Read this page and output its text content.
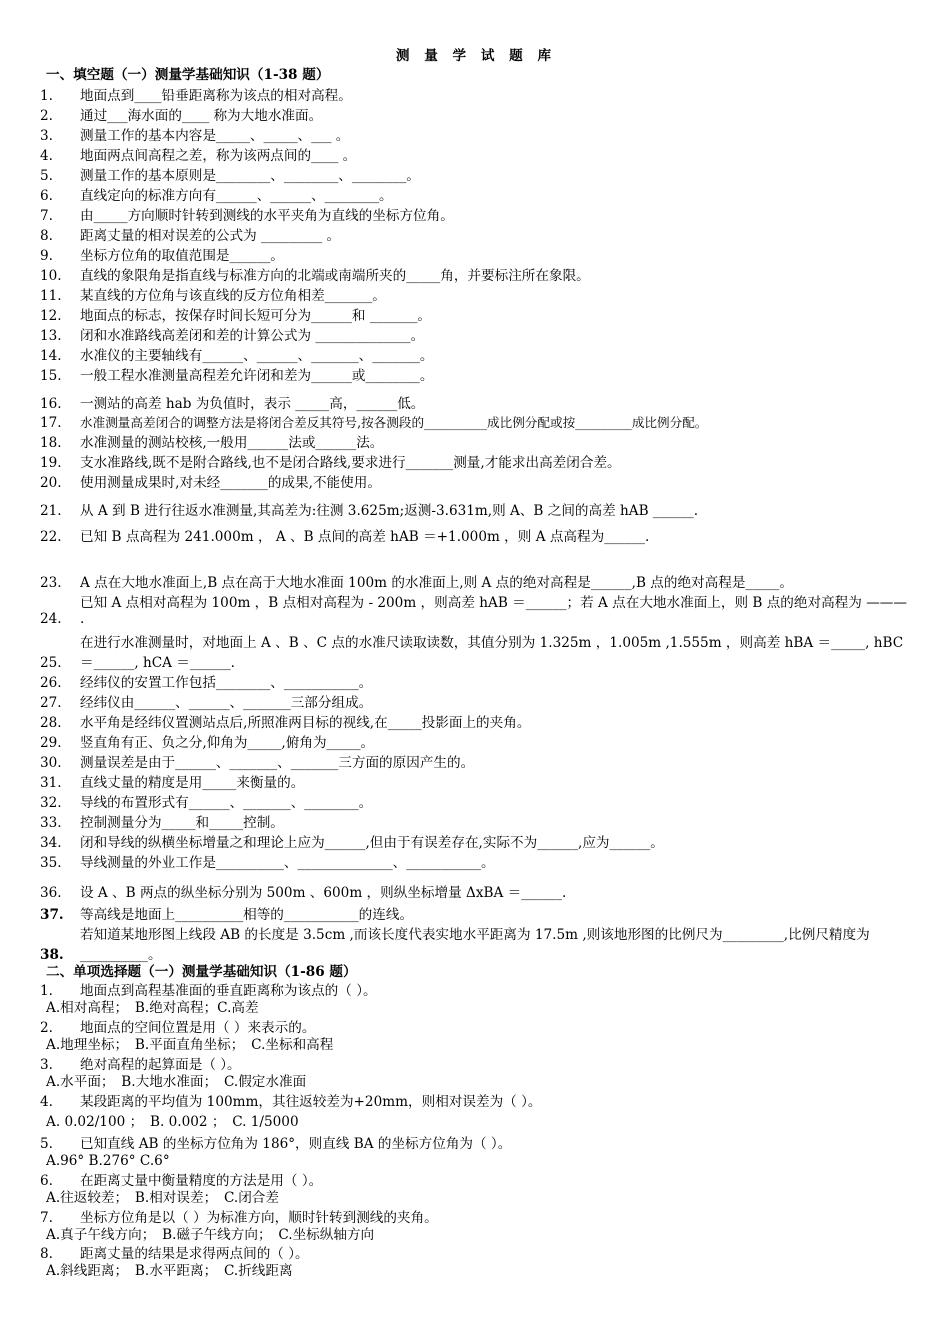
测 量 学 试 题 库
一、填空题（一）测量学基础知识（1-38 题）
1.	地面点到____铅垂距离称为该点的相对高程。
2.	通过___海水面的____ 称为大地水准面。
3.	测量工作的基本内容是_____、_____、___ 。
4.	地面两点间高程之差，称为该两点间的____ 。
5.	测量工作的基本原则是________、________、________。
6.	直线定向的标准方向有______、______、________。
7.	由_____方向顺时针转到测线的水平夹角为直线的坐标方位角。
8.	距离丈量的相对误差的公式为 _________ 。
9.	坐标方位角的取值范围是______。
10.	直线的象限角是指直线与标准方向的北端或南端所夹的_____角，并要标注所在象限。
11.	某直线的方位角与该直线的反方位角相差_______。
12.	地面点的标志，按保存时间长短可分为______和 _______。
13.	闭和水准路线高差闭和差的计算公式为 ______________。
14.	水准仪的主要轴线有______、______、_______、_______。
15.	一般工程水准测量高程差允许闭和差为______或________。
16.	一测站的高差 hab 为负值时，表示 _____高，______低。
17.	水准测量高差闭合的调整方法是将闭合差反其符号,按各测段的__________成比例分配或按_________成比例分配。
18.	水准测量的测站校核,一般用______法或______法。
19.	支水准路线,既不是附合路线,也不是闭合路线,要求进行_______测量,才能求出高差闭合差。
20.	使用测量成果时,对未经_______的成果,不能使用。
21.	从 A 到 B 进行往返水准测量,其高差为:往测 3.625m;返测-3.631m,则 A、B 之间的高差 hAB ______.
22.	已知 B 点高程为 241.000m ， A 、B 点间的高差 hAB ＝+1.000m ，则 A 点高程为______.
23.	A 点在大地水准面上,B 点在高于大地水准面 100m 的水准面上,则 A 点的绝对高程是______,B 点的绝对高程是_____。
24.
已知 A 点相对高程为 100m ，B 点相对高程为 - 200m ，则高差 hAB ＝______；若 A 点在大地水准面上，则 B 点的绝对高程为 ——— .
25.
在进行水准测量时，对地面上 A 、B 、C 点的水准尺读取读数，其值分别为 1.325m ，1.005m ,1.555m ，则高差 hBA ＝_____, hBC ＝______, hCA ＝______.
26.	经纬仪的安置工作包括________、___________。
27.	经纬仪由______、______、_______三部分组成。
28.	水平角是经纬仪置测站点后,所照准两目标的视线,在_____投影面上的夹角。
29.	竖直角有正、负之分,仰角为_____,俯角为_____。
30.	测量误差是由于______、_______、_______三方面的原因产生的。
31.	直线丈量的精度是用_____来衡量的。
32.	导线的布置形式有______、_______、________。
33.	控制测量分为_____和_____控制。
34.	闭和导线的纵横坐标增量之和理论上应为______,但由于有误差存在,实际不为______,应为______。
35.	导线测量的外业工作是__________、______________、___________。
36.	设 A 、B 两点的纵坐标分别为 500m 、600m ，则纵坐标增量 ΔxBA ＝______.
37.	等高线是地面上__________相等的___________的连线。
38.
若知道某地形图上线段 AB 的长度是 3.5cm ,而该长度代表实地水平距离为 17.5m ,则该地形图的比例尺为_________,比例尺精度为__________。
二、单项选择题（一）测量学基础知识（1-86 题）
1.	地面点到高程基准面的垂直距离称为该点的（ ）。
A.相对高程；　B.绝对高程；C.高差
2.	地面点的空间位置是用（ ）来表示的。
A.地理坐标；　B.平面直角坐标；　C.坐标和高程
3.	绝对高程的起算面是（ ）。
A.水平面；　B.大地水准面；　C.假定水准面
4.	某段距离的平均值为 100mm，其往返较差为+20mm，则相对误差为（ ）。
A. 0.02/100 ；　B. 0.002 ；　C. 1/5000
5.	已知直线 AB 的坐标方位角为 186°，则直线 BA 的坐标方位角为（ ）。
A.96° B.276° C.6°
6.	在距离丈量中衡量精度的方法是用（ ）。
A.往返较差；　B.相对误差；　C.闭合差
7.	坐标方位角是以（ ）为标准方向，顺时针转到测线的夹角。
A.真子午线方向；　B.磁子午线方向；　C.坐标纵轴方向
8.	距离丈量的结果是求得两点间的（ ）。
A.斜线距离；　B.水平距离；　C.折线距离
